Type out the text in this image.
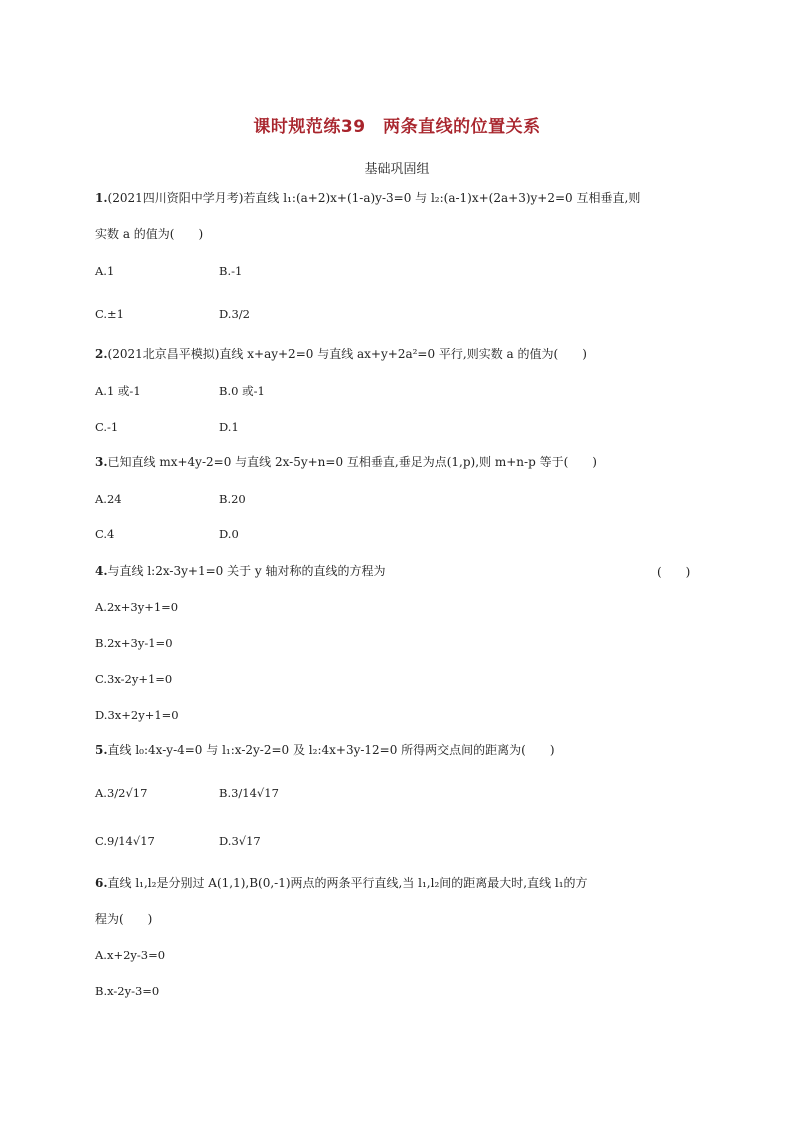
课时规范练39　两条直线的位置关系
基础巩固组
1.(2021四川资阳中学月考)若直线 l₁:(a+2)x+(1-a)y-3=0 与 l₂:(a-1)x+(2a+3)y+2=0 互相垂直,则
实数 a 的值为(　　)
A.1	B.-1
C.±1	D.3/2
2.(2021北京昌平模拟)直线 x+ay+2=0 与直线 ax+y+2a²=0 平行,则实数 a 的值为(　　)
A.1 或-1	B.0 或-1
C.-1	D.1
3.已知直线 mx+4y-2=0 与直线 2x-5y+n=0 互相垂直,垂足为点(1,p),则 m+n-p 等于(　　)
A.24	B.20
C.4	D.0
4.与直线 l:2x-3y+1=0 关于 y 轴对称的直线的方程为	(　　)
A.2x+3y+1=0
B.2x+3y-1=0
C.3x-2y+1=0
D.3x+2y+1=0
5.直线 l₀:4x-y-4=0 与 l₁:x-2y-2=0 及 l₂:4x+3y-12=0 所得两交点间的距离为(　　)
A.3/2√17	B.3/14√17
C.9/14√17	D.3√17
6.直线 l₁,l₂是分别过 A(1,1),B(0,-1)两点的两条平行直线,当 l₁,l₂间的距离最大时,直线 l₁的方
程为(　　)
A.x+2y-3=0
B.x-2y-3=0
